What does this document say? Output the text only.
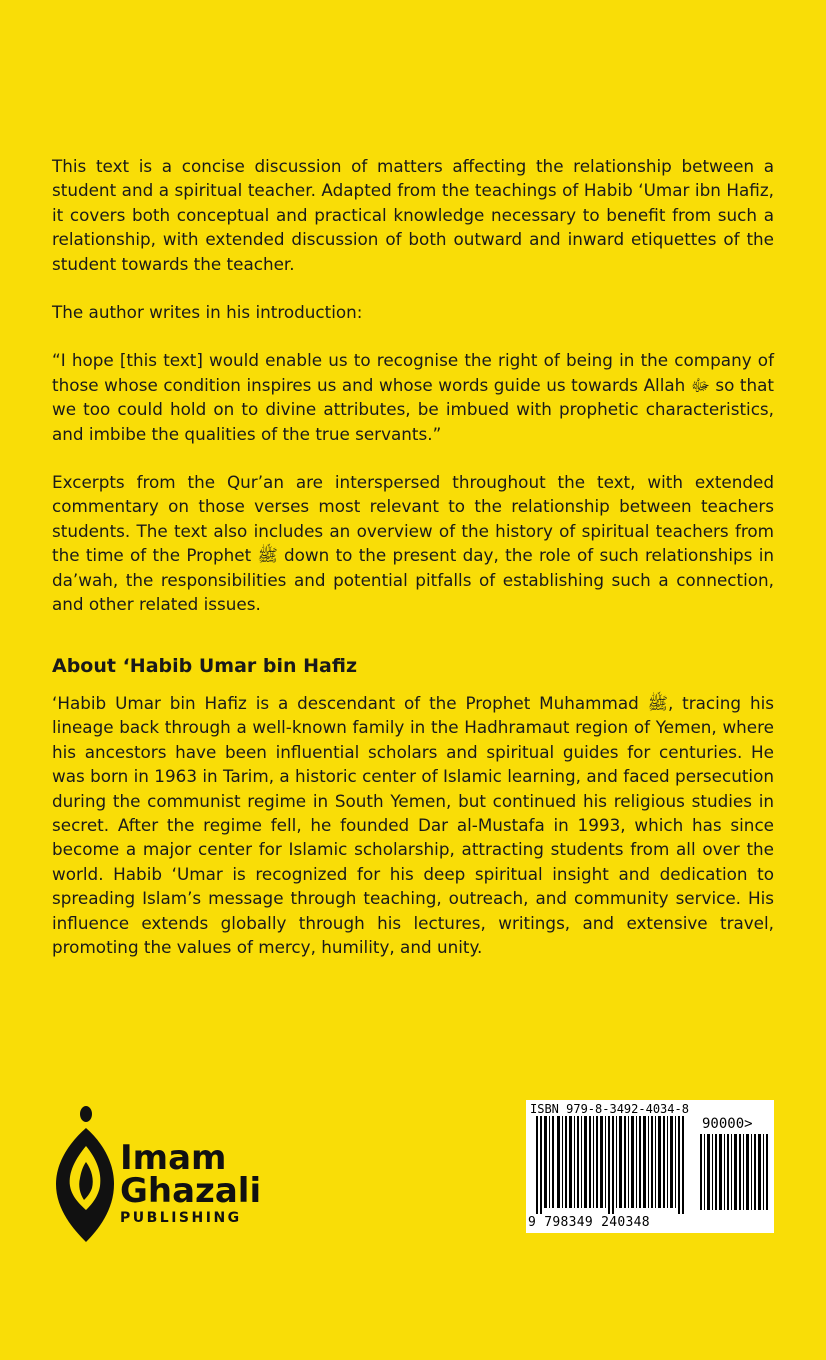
This text is a concise discussion of matters affecting the relationship between a student and a spiritual teacher. Adapted from the teachings of Habib ‘Umar ibn Hafiz, it covers both conceptual and practical knowledge necessary to benefit from such a relationship, with extended discussion of both outward and inward etiquettes of the student towards the teacher.

The author writes in his introduction:

“I hope [this text] would enable us to recognise the right of being in the company of those whose condition inspires us and whose words guide us towards Allah ﷻ so that we too could hold on to divine attributes, be imbued with prophetic characteristics, and imbibe the qualities of the true servants.”

Excerpts from the Qur’an are interspersed throughout the text, with extended commentary on those verses most relevant to the relationship between teachers students. The text also includes an overview of the history of spiritual teachers from the time of the Prophet ﷺ down to the present day, the role of such relationships in da’wah, the responsibilities and potential pitfalls of establishing such a connection, and other related issues.

About ‘Habib Umar bin Hafiz

‘Habib Umar bin Hafiz is a descendant of the Prophet Muhammad ﷺ, tracing his lineage back through a well-known family in the Hadhramaut region of Yemen, where his ancestors have been influential scholars and spiritual guides for centuries. He was born in 1963 in Tarim, a historic center of Islamic learning, and faced persecution during the communist regime in South Yemen, but continued his religious studies in secret. After the regime fell, he founded Dar al-Mustafa in 1993, which has since become a major center for Islamic scholarship, attracting students from all over the world. Habib ‘Umar is recognized for his deep spiritual insight and dedication to spreading Islam’s message through teaching, outreach, and community service. His influence extends globally through his lectures, writings, and extensive travel, promoting the values of mercy, humility, and unity.

Imam
Ghazali
PUBLISHING
ISBN 979-8-3492-4034-8
90000>
9 798349 240348
